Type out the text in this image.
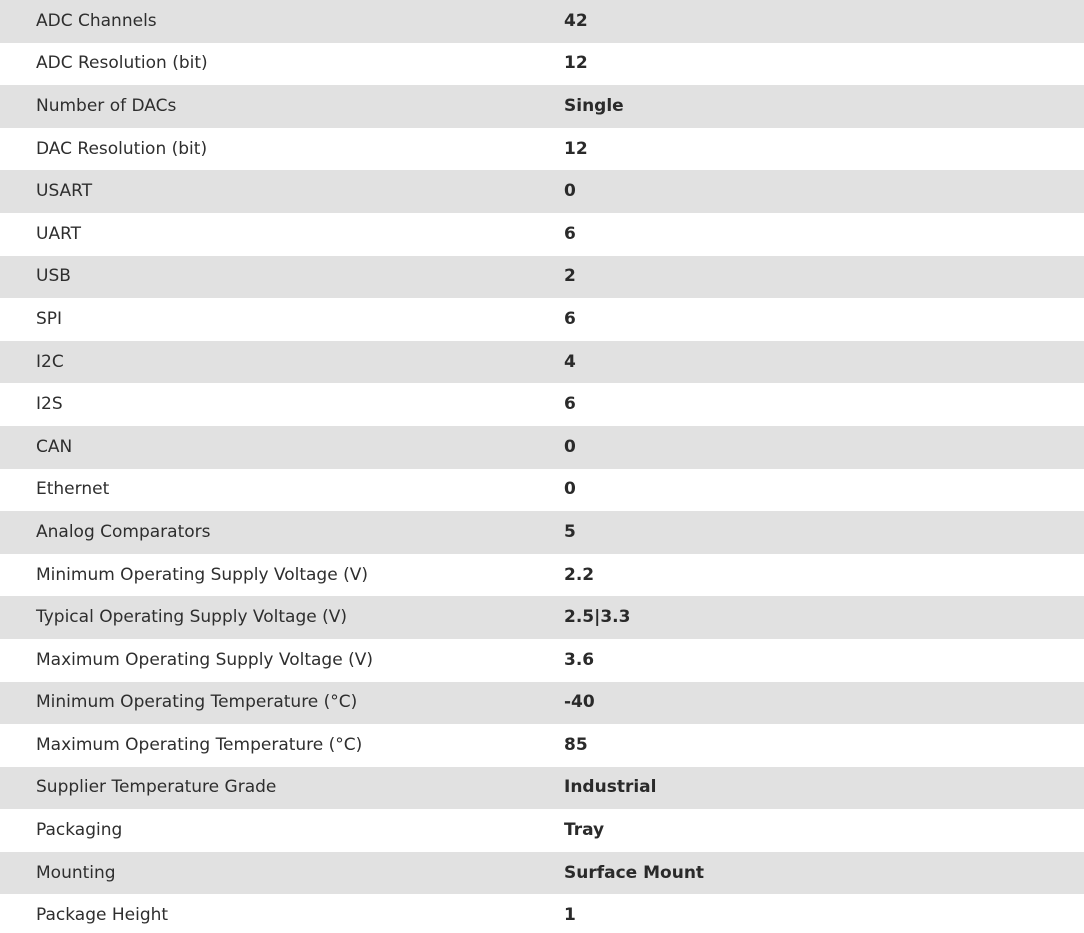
ADC Channels	42
ADC Resolution (bit)	12
Number of DACs	Single
DAC Resolution (bit)	12
USART	0
UART	6
USB	2
SPI	6
I2C	4
I2S	6
CAN	0
Ethernet	0
Analog Comparators	5
Minimum Operating Supply Voltage (V)	2.2
Typical Operating Supply Voltage (V)	2.5|3.3
Maximum Operating Supply Voltage (V)	3.6
Minimum Operating Temperature (°C)	-40
Maximum Operating Temperature (°C)	85
Supplier Temperature Grade	Industrial
Packaging	Tray
Mounting	Surface Mount
Package Height	1
